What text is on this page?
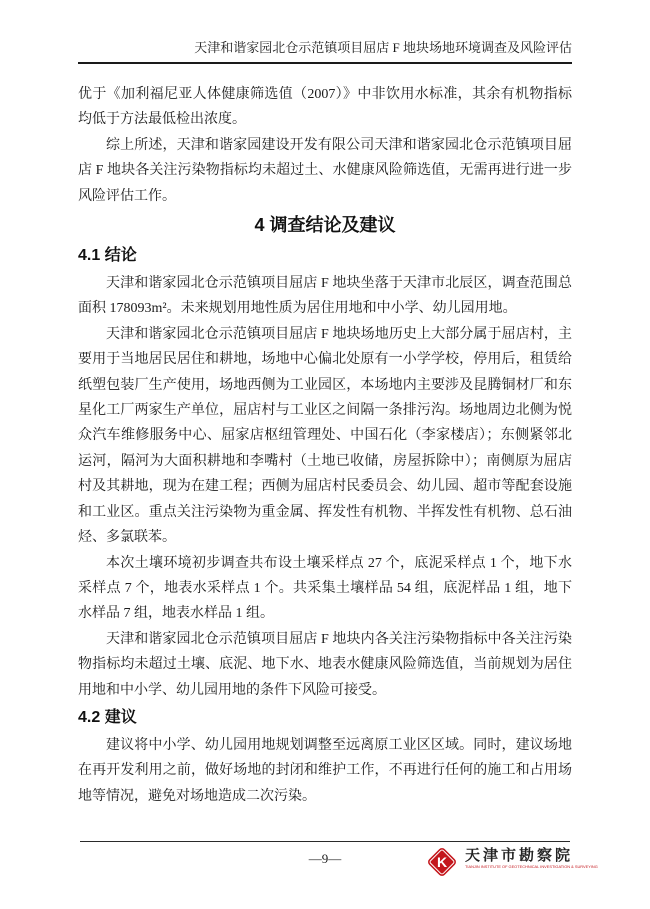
天津和谐家园北仓示范镇项目屈店 F 地块场地环境调查及风险评估

优于《加利福尼亚人体健康筛选值（2007）》中非饮用水标准，其余有机物指标均低于方法最低检出浓度。

综上所述，天津和谐家园建设开发有限公司天津和谐家园北仓示范镇项目屈店 F 地块各关注污染物指标均未超过土、水健康风险筛选值，无需再进行进一步风险评估工作。

4 调查结论及建议
4.1 结论

天津和谐家园北仓示范镇项目屈店 F 地块坐落于天津市北辰区，调查范围总面积 178093m²。未来规划用地性质为居住用地和中小学、幼儿园用地。

天津和谐家园北仓示范镇项目屈店 F 地块场地历史上大部分属于屈店村，主要用于当地居民居住和耕地，场地中心偏北处原有一小学学校，停用后，租赁给纸塑包装厂生产使用，场地西侧为工业园区，本场地内主要涉及昆腾铜材厂和东星化工厂两家生产单位，屈店村与工业区之间隔一条排污沟。场地周边北侧为悦众汽车维修服务中心、屈家店枢纽管理处、中国石化（李家楼店）；东侧紧邻北运河，隔河为大面积耕地和李嘴村（土地已收储，房屋拆除中）；南侧原为屈店村及其耕地，现为在建工程；西侧为屈店村民委员会、幼儿园、超市等配套设施和工业区。重点关注污染物为重金属、挥发性有机物、半挥发性有机物、总石油烃、多氯联苯。

本次土壤环境初步调查共布设土壤采样点 27 个，底泥采样点 1 个，地下水采样点 7 个，地表水采样点 1 个。共采集土壤样品 54 组，底泥样品 1 组，地下水样品 7 组，地表水样品 1 组。

天津和谐家园北仓示范镇项目屈店 F 地块内各关注污染物指标中各关注污染物指标均未超过土壤、底泥、地下水、地表水健康风险筛选值，当前规划为居住用地和中小学、幼儿园用地的条件下风险可接受。

4.2 建议

建议将中小学、幼儿园用地规划调整至远离原工业区区域。同时，建议场地在再开发利用之前，做好场地的封闭和维护工作，不再进行任何的施工和占用场地等情况，避免对场地造成二次污染。

—9—	K 天津市勘察院
TIANJIN INSTITUTE OF GEOTECHNICAL INVESTIGATION & SURVEYING
